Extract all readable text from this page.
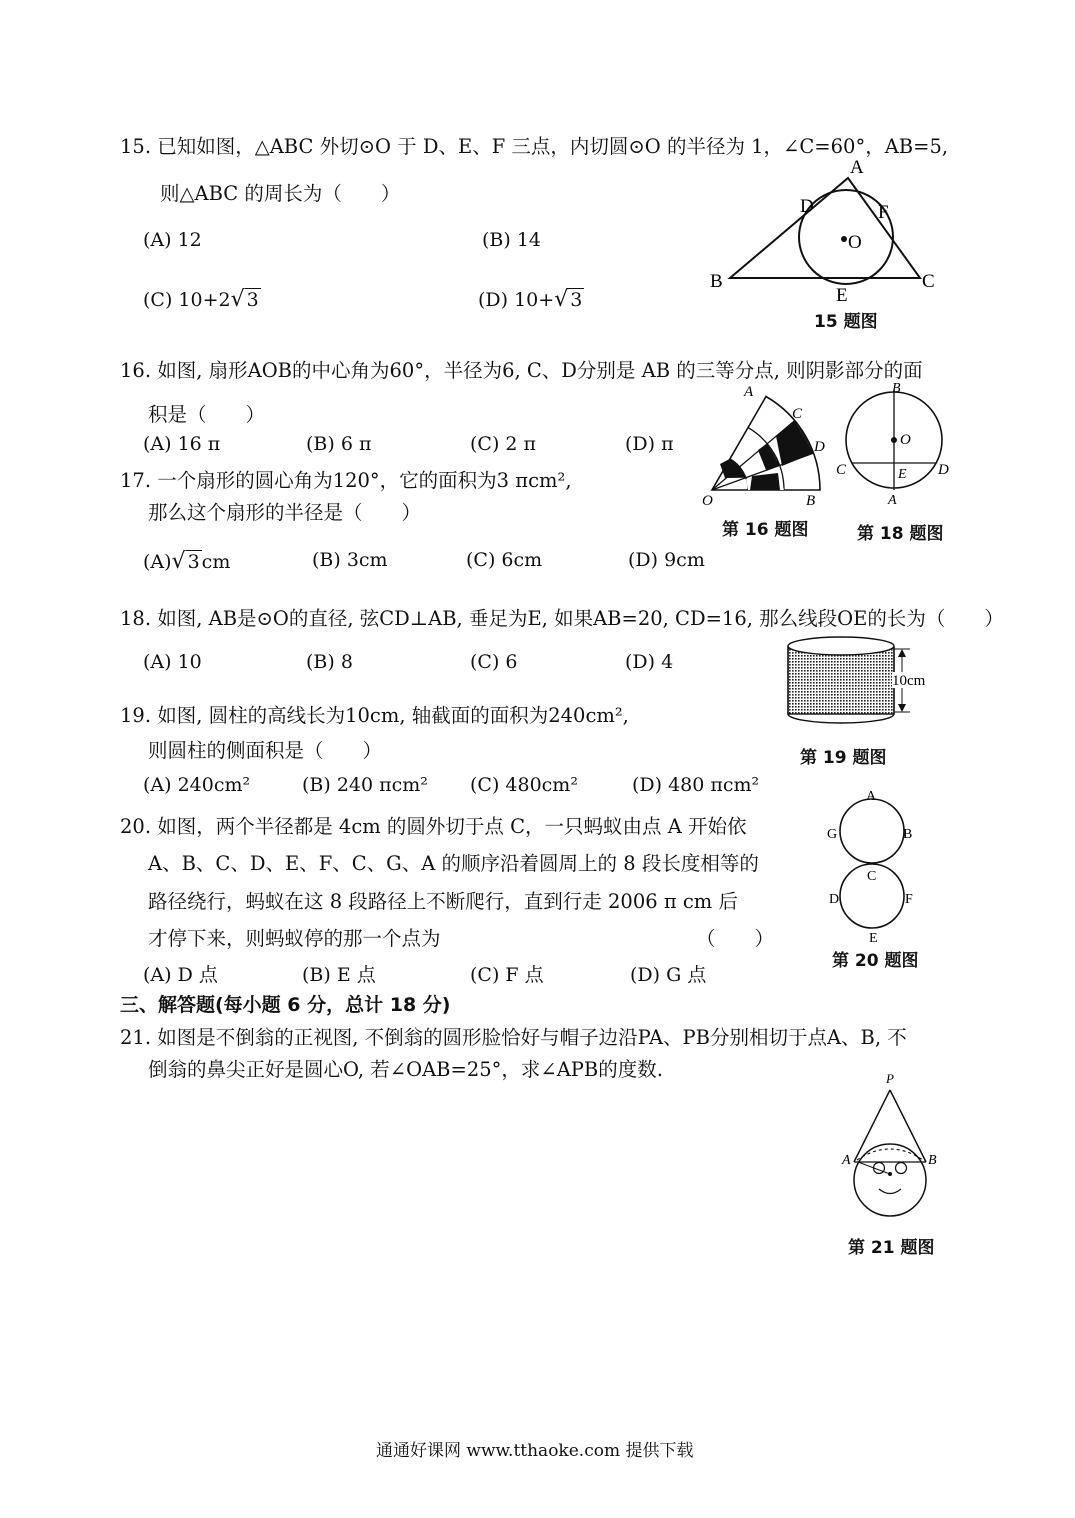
15. 已知如图，△ABC 外切⊙O 于 D、E、F 三点，内切圆⊙O 的半径为 1，∠C=60°，AB=5,
则△ABC 的周长为（　　）
(A) 12	(B) 14
(C) 10+2√ 3	(D) 10+√ 3
A
D	F
O
B	C
E
15 题图
16. 如图, 扇形AOB的中心角为60°，半径为6, C、D分别是 AB 的三等分点, 则阴影部分的面
积是（　　）
(A) 16 π	(B) 6 π	(C) 2 π	(D) π
A
C
D
O	B
第 16 题图
B
O
C	E D
A
第 18 题图
17. 一个扇形的圆心角为120°，它的面积为3 πcm²,
那么这个扇形的半径是（　　）
(A)√ 3 cm	(B) 3cm	(C) 6cm	(D) 9cm
18. 如图, AB是⊙O的直径, 弦CD⊥AB, 垂足为E, 如果AB=20, CD=16, 那么线段OE的长为（　　）
(A) 10	(B) 8	(C) 6	(D) 4
10cm
第 19 题图
19. 如图, 圆柱的高线长为10cm, 轴截面的面积为240cm²,
则圆柱的侧面积是（　　）
(A) 240cm²	(B) 240 πcm² (C) 480cm²	(D) 480 πcm²
20. 如图，两个半径都是 4cm 的圆外切于点 C，一只蚂蚁由点 A 开始依
A、B、C、D、E、F、C、G、A 的顺序沿着圆周上的 8 段长度相等的
路径绕行，蚂蚁在这 8 段路径上不断爬行，直到行走 2006 π cm 后
才停下来，则蚂蚁停的那一个点为	（　　）
(A) D 点	(B) E 点	(C) F 点	(D) G 点
A
G	B
C
D	F
E
第 20 题图
三、解答题(每小题 6 分，总计 18 分)
21. 如图是不倒翁的正视图, 不倒翁的圆形脸恰好与帽子边沿PA、PB分别相切于点A、B, 不
倒翁的鼻尖正好是圆心O, 若∠OAB=25°，求∠APB的度数.	P
A	B
第 21 题图
通通好课网 www.tthaoke.com 提供下载
